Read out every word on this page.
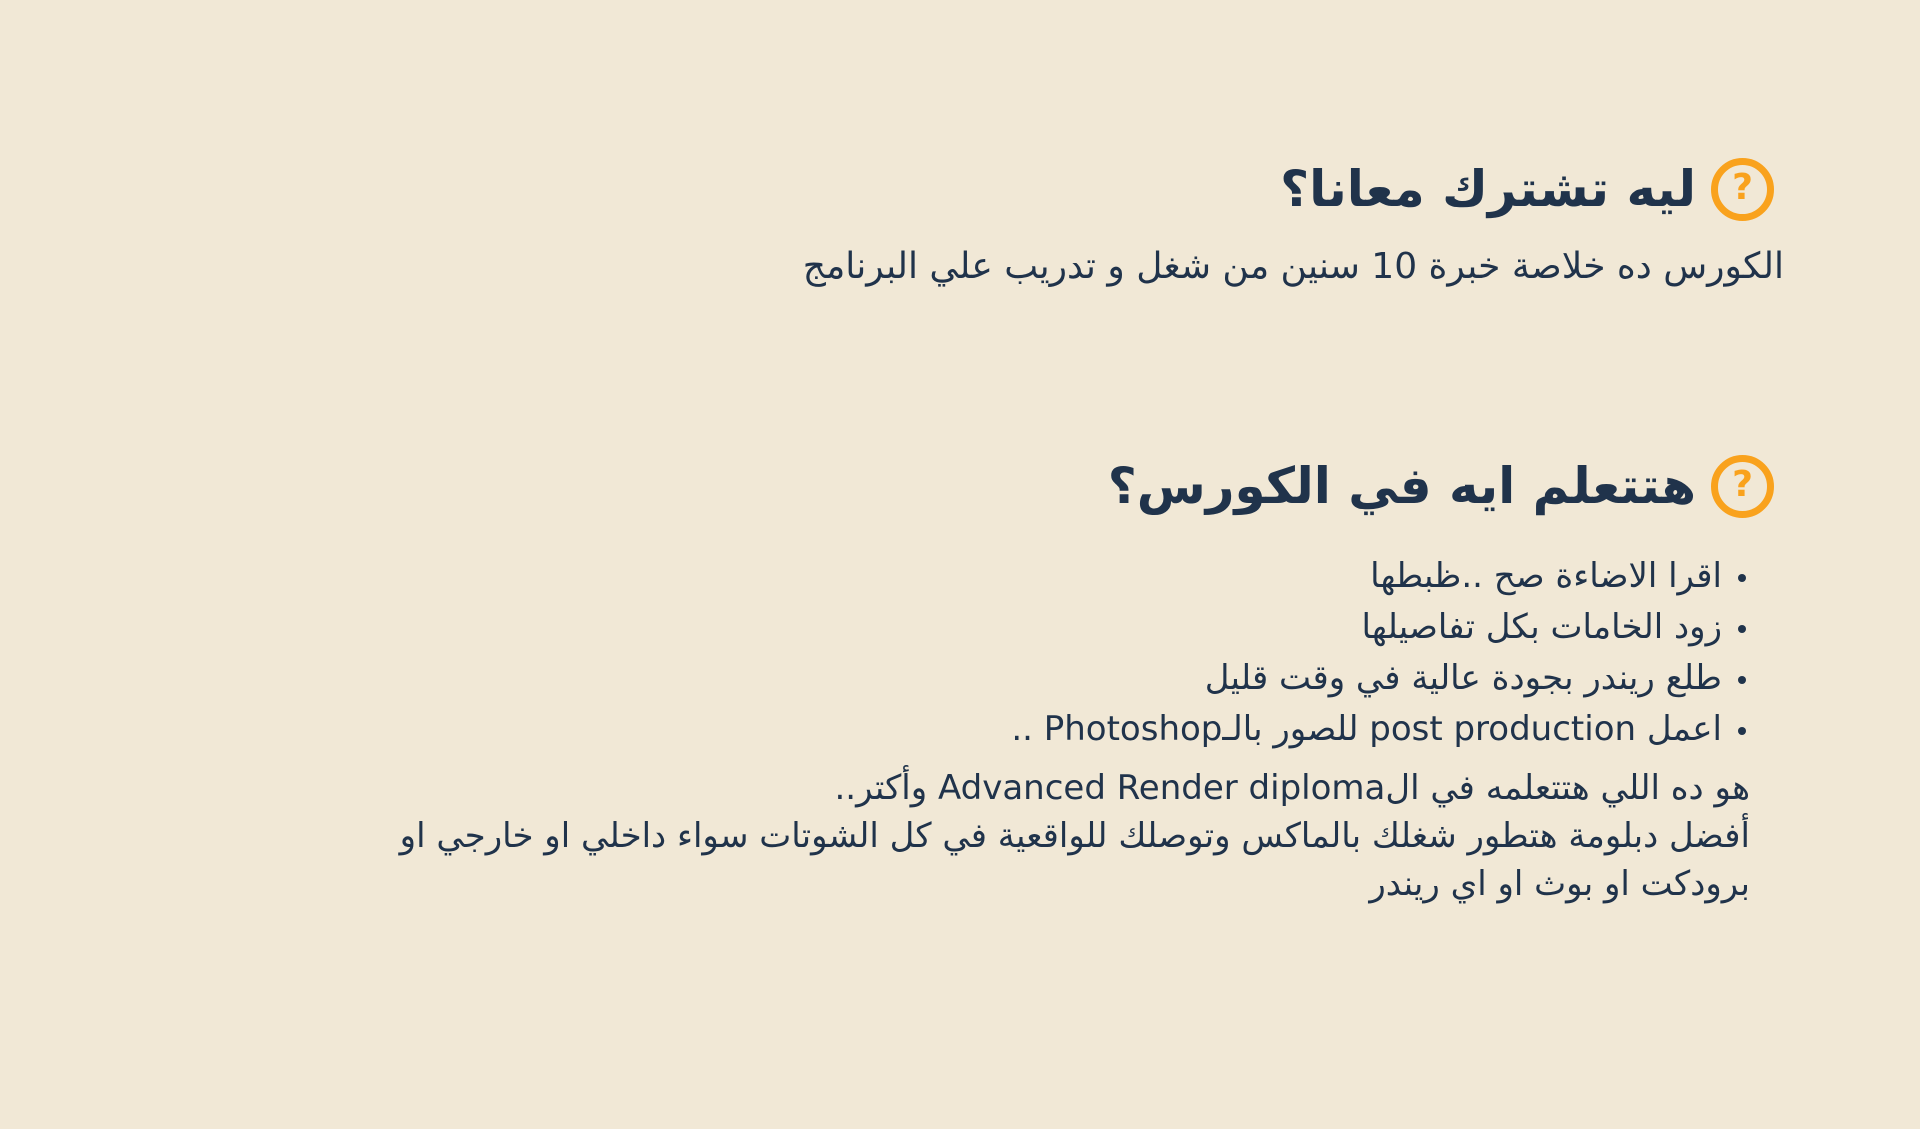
?
ليه تشترك معانا؟

الكورس ده خلاصة خبرة 10 سنين من شغل و تدريب علي البرنامج

?
هتتعلم ايه في الكورس؟
اقرا الاضاءة صح ..ظبطها
زود الخامات بكل تفاصيلها
طلع ريندر بجودة عالية في وقت قليل
اعمل post production للصور بالـPhotoshop ..
هو ده اللي هتتعلمه في الAdvanced Render diploma وأكتر..
أفضل دبلومة هتطور شغلك بالماكس وتوصلك للواقعية في كل الشوتات سواء داخلي او خارجي او
برودكت او بوث او اي ريندر
